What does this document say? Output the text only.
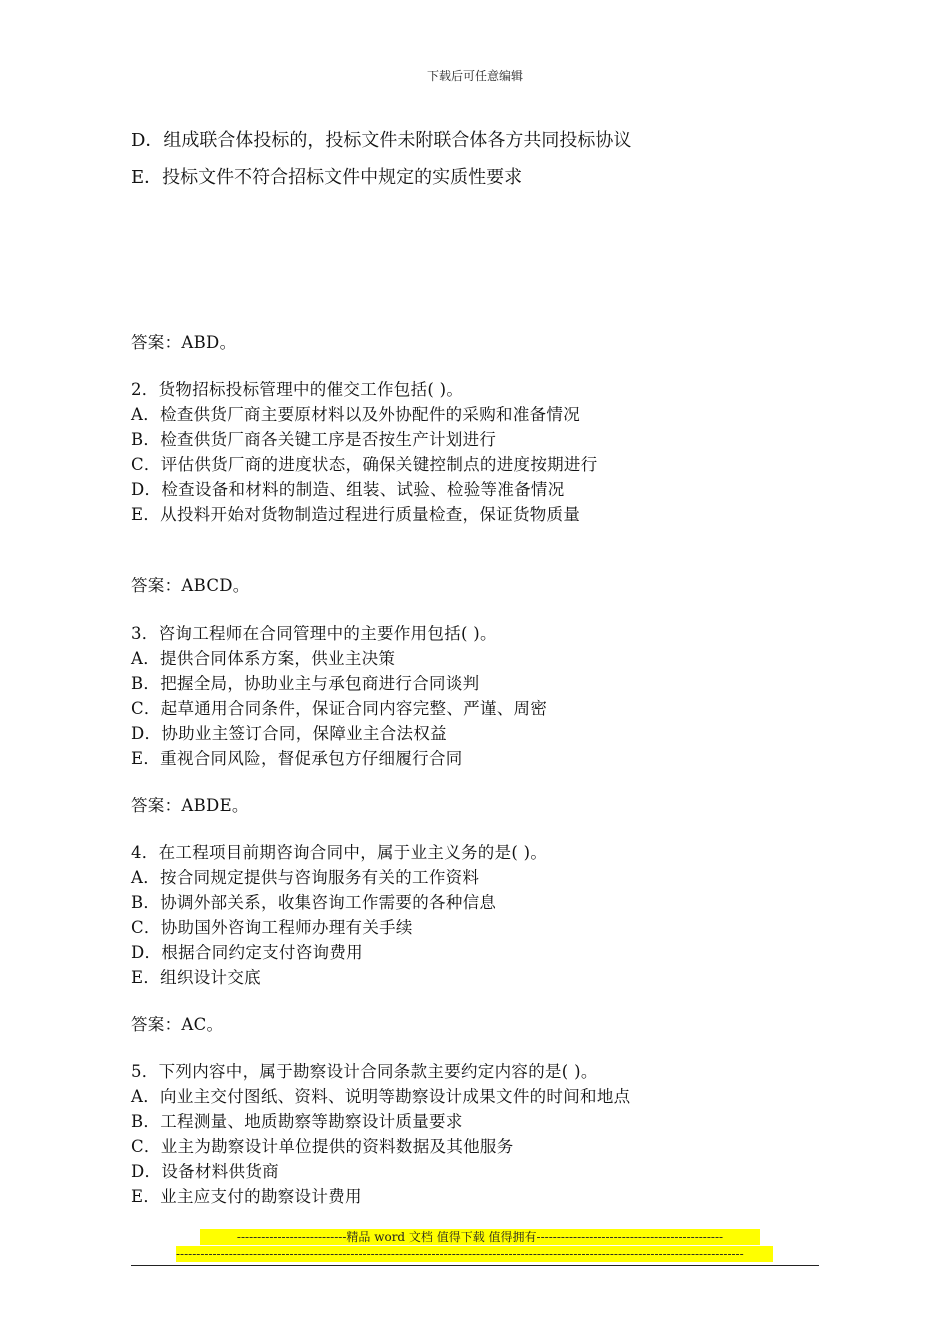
下载后可任意编辑
D．组成联合体投标的，投标文件未附联合体各方共同投标协议
E．投标文件不符合招标文件中规定的实质性要求
答案：ABD。
2．货物招标投标管理中的催交工作包括( )。
A．检查供货厂商主要原材料以及外协配件的采购和准备情况
B．检查供货厂商各关键工序是否按生产计划进行
C．评估供货厂商的进度状态，确保关键控制点的进度按期进行
D．检查设备和材料的制造、组装、试验、检验等准备情况
E．从投料开始对货物制造过程进行质量检查，保证货物质量
答案：ABCD。
3．咨询工程师在合同管理中的主要作用包括( )。
A．提供合同体系方案，供业主决策
B．把握全局，协助业主与承包商进行合同谈判
C．起草通用合同条件，保证合同内容完整、严谨、周密
D．协助业主签订合同，保障业主合法权益
E．重视合同风险，督促承包方仔细履行合同
答案：ABDE。
4．在工程项目前期咨询合同中，属于业主义务的是( )。
A．按合同规定提供与咨询服务有关的工作资料
B．协调外部关系，收集咨询工作需要的各种信息
C．协助国外咨询工程师办理有关手续
D．根据合同约定支付咨询费用
E．组织设计交底
答案：AC。
5．下列内容中，属于勘察设计合同条款主要约定内容的是( )。
A．向业主交付图纸、资料、说明等勘察设计成果文件的时间和地点
B．工程测量、地质勘察等勘察设计质量要求
C．业主为勘察设计单位提供的资料数据及其他服务
D．设备材料供货商
E．业主应支付的勘察设计费用
---------------------------精品 word 文档 值得下载 值得拥有----------------------------------------------
--------------------------------------------------------------------------------------------------------------------------------------------
